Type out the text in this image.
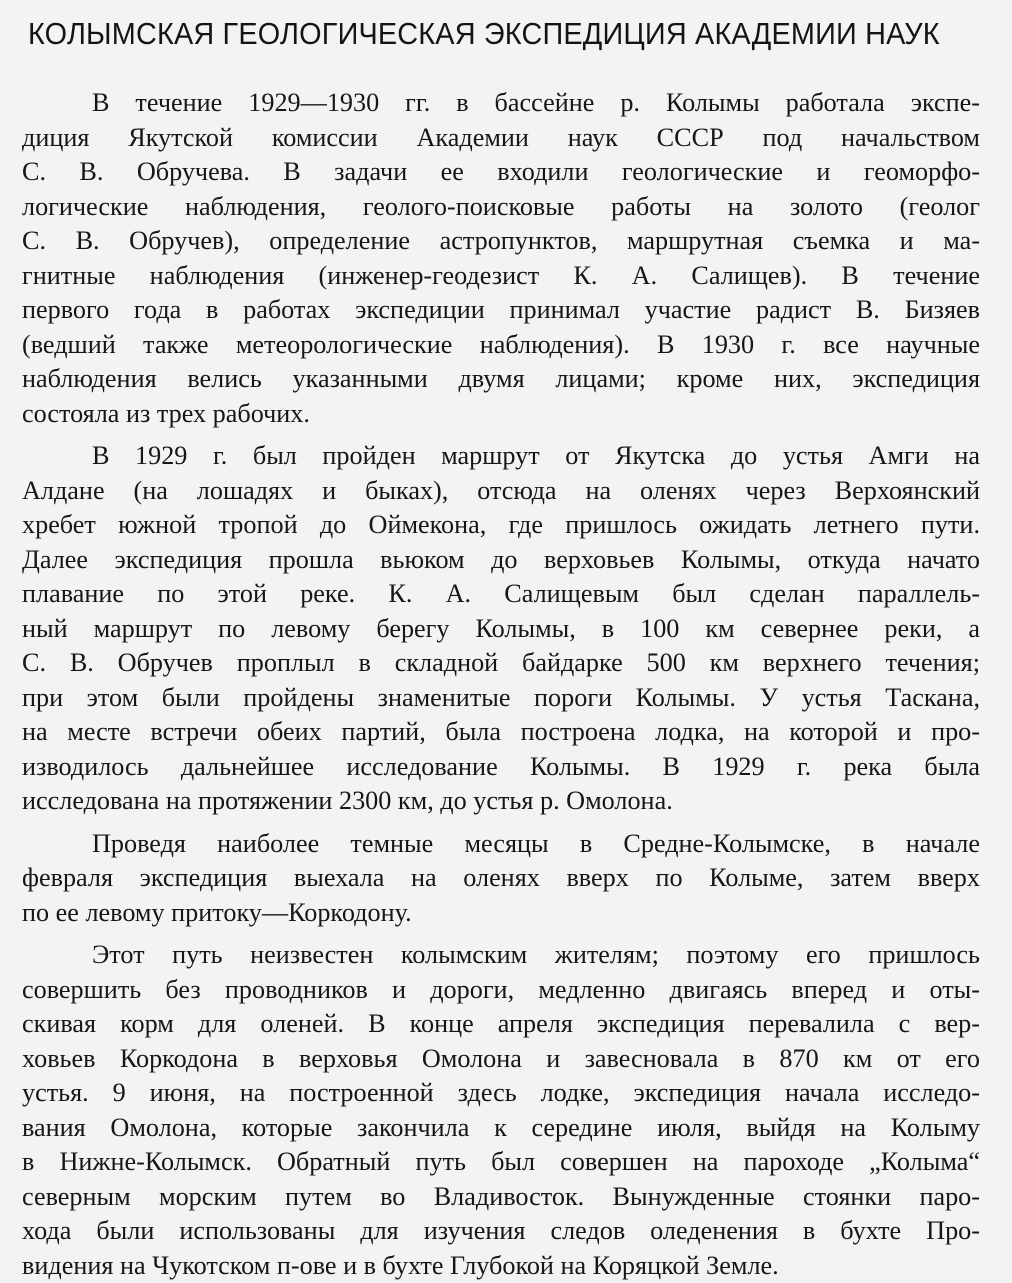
КОЛЫМСКАЯ ГЕОЛОГИЧЕСКАЯ ЭКСПЕДИЦИЯ АКАДЕМИИ НАУК
В течение 1929—1930 гг. в бассейне р. Колымы работала экспе-
диция Якутской комиссии Академии наук СССР под начальством
С. В. Обручева. В задачи ее входили геологические и геоморфо-
логические наблюдения, геолого-поисковые работы на золото (геолог
С. В. Обручев), определение астропунктов, маршрутная съемка и ма-
гнитные наблюдения (инженер-геодезист К. А. Салищев). В течение
первого года в работах экспедиции принимал участие радист В. Бизяев
(ведший также метеорологические наблюдения). В 1930 г. все научные
наблюдения велись указанными двумя лицами; кроме них, экспедиция
состояла из трех рабочих.
В 1929 г. был пройден маршрут от Якутска до устья Амги на
Алдане (на лошадях и быках), отсюда на оленях через Верхоянский
хребет южной тропой до Оймекона, где пришлось ожидать летнего пути.
Далее экспедиция прошла вьюком до верховьев Колымы, откуда начато
плавание по этой реке. К. А. Салищевым был сделан параллель-
ный маршрут по левому берегу Колымы, в 100 км севернее реки, а
С. В. Обручев проплыл в складной байдарке 500 км верхнего течения;
при этом были пройдены знаменитые пороги Колымы. У устья Таскана,
на месте встречи обеих партий, была построена лодка, на которой и про-
изводилось дальнейшее исследование Колымы. В 1929 г. река была
исследована на протяжении 2300 км, до устья р. Омолона.
Проведя наиболее темные месяцы в Средне-Колымске, в начале
февраля экспедиция выехала на оленях вверх по Колыме, затем вверх
по ее левому притоку—Коркодону.
Этот путь неизвестен колымским жителям; поэтому его пришлось
совершить без проводников и дороги, медленно двигаясь вперед и оты-
скивая корм для оленей. В конце апреля экспедиция перевалила с вер-
ховьев Коркодона в верховья Омолона и завесновала в 870 км от его
устья. 9 июня, на построенной здесь лодке, экспедиция начала исследо-
вания Омолона, которые закончила к середине июля, выйдя на Колыму
в Нижне-Колымск. Обратный путь был совершен на пароходе „Колыма“
северным морским путем во Владивосток. Вынужденные стоянки паро-
хода были использованы для изучения следов оледенения в бухте Про-
видения на Чукотском п-ове и в бухте Глубокой на Коряцкой Земле.
